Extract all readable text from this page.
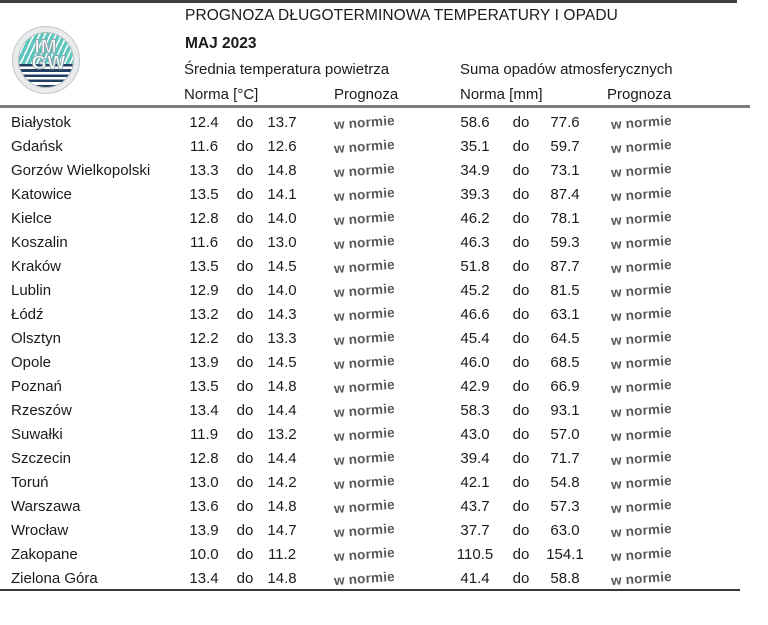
IM
GW
PROGNOZA DŁUGOTERMINOWA TEMPERATURY I OPADU
MAJ 2023
Średnia temperatura powietrza	Suma opadów atmosferycznych
Norma [°C]	Prognoza	Norma [mm]	Prognoza
Białystok	12.4	do 13.7	w normie	58.6	do	77.6	w normie
Gdańsk	11.6	do 12.6	w normie	35.1	do	59.7	w normie
Gorzów Wielkopolski	13.3	do 14.8	w normie	34.9	do	73.1	w normie
Katowice	13.5	do 14.1	w normie	39.3	do	87.4	w normie
Kielce	12.8	do 14.0	w normie	46.2	do	78.1	w normie
Koszalin	11.6	do 13.0	w normie	46.3	do	59.3	w normie
Kraków	13.5	do 14.5	w normie	51.8	do	87.7	w normie
Lublin	12.9	do 14.0	w normie	45.2	do	81.5	w normie
Łódź	13.2	do 14.3	w normie	46.6	do	63.1	w normie
Olsztyn	12.2	do 13.3	w normie	45.4	do	64.5	w normie
Opole	13.9	do 14.5	w normie	46.0	do	68.5	w normie
Poznań	13.5	do 14.8	w normie	42.9	do	66.9	w normie
Rzeszów	13.4	do 14.4	w normie	58.3	do	93.1	w normie
Suwałki	11.9	do 13.2	w normie	43.0	do	57.0	w normie
Szczecin	12.8	do 14.4	w normie	39.4	do	71.7	w normie
Toruń	13.0	do 14.2	w normie	42.1	do	54.8	w normie
Warszawa	13.6	do 14.8	w normie	43.7	do	57.3	w normie
Wrocław	13.9	do 14.7	w normie	37.7	do	63.0	w normie
Zakopane	10.0	do 11.2	w normie	110.5	do	154.1	w normie
Zielona Góra	13.4	do 14.8	w normie	41.4	do	58.8	w normie
